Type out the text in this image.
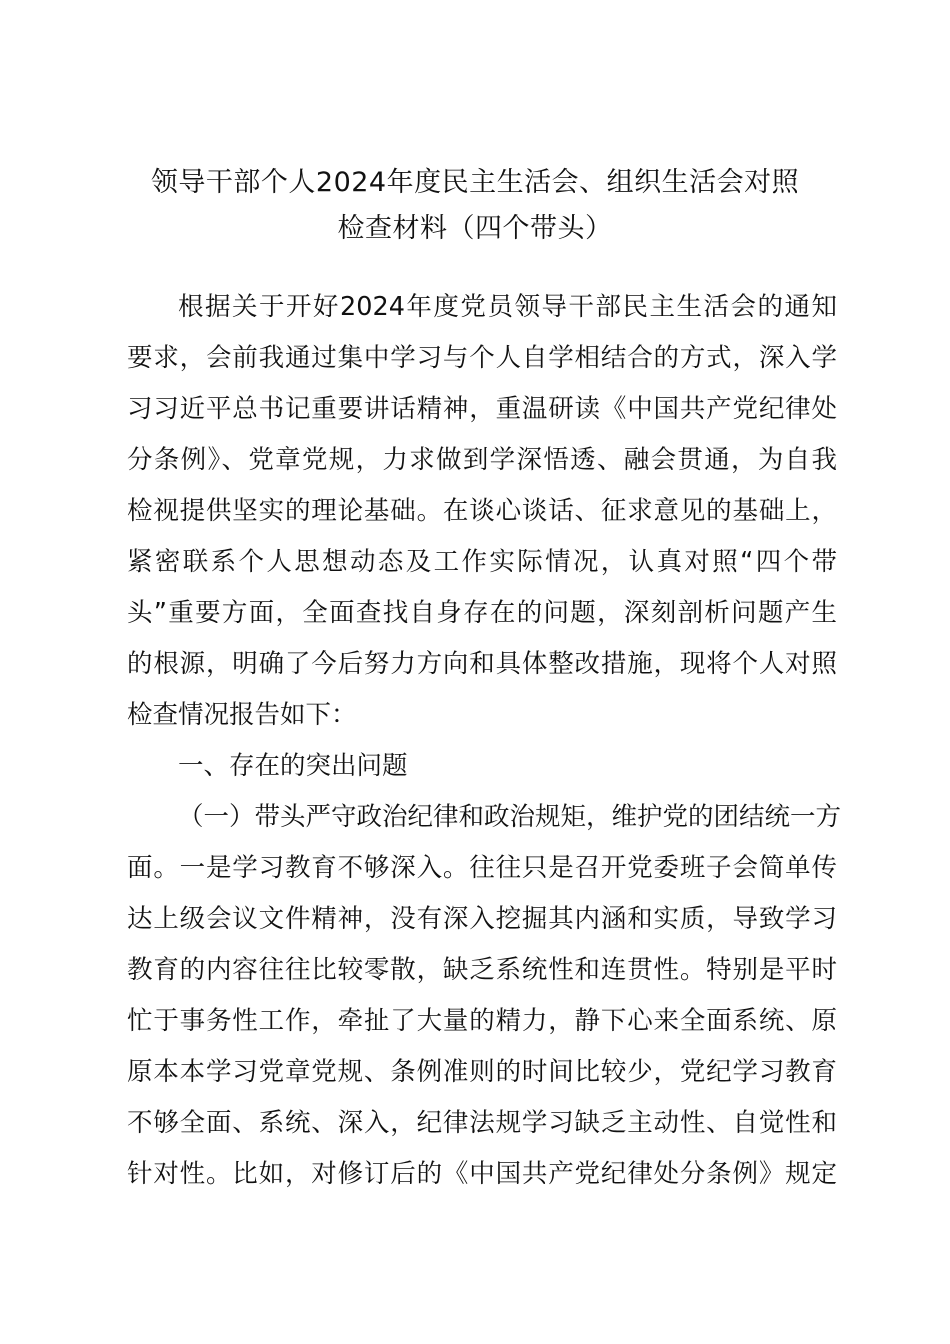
领导干部个人2024年度民主生活会、组织生活会对照
检查材料（四个带头）
根据关于开好2024年度党员领导干部民主生活会的通知
要求，会前我通过集中学习与个人自学相结合的方式，深入学
习习近平总书记重要讲话精神，重温研读《中国共产党纪律处
分条例》、党章党规，力求做到学深悟透、融会贯通，为自我
检视提供坚实的理论基础。在谈心谈话、征求意见的基础上，
紧密联系个人思想动态及工作实际情况，认真对照“四个带
头”重要方面，全面查找自身存在的问题，深刻剖析问题产生
的根源，明确了今后努力方向和具体整改措施，现将个人对照
检查情况报告如下：
一、存在的突出问题
（一）带头严守政治纪律和政治规矩，维护党的团结统一方
面。一是学习教育不够深入。往往只是召开党委班子会简单传
达上级会议文件精神，没有深入挖掘其内涵和实质，导致学习
教育的内容往往比较零散，缺乏系统性和连贯性。特别是平时
忙于事务性工作，牵扯了大量的精力，静下心来全面系统、原
原本本学习党章党规、条例准则的时间比较少，党纪学习教育
不够全面、系统、深入，纪律法规学习缺乏主动性、自觉性和
针对性。比如，对修订后的《中国共产党纪律处分条例》规定
